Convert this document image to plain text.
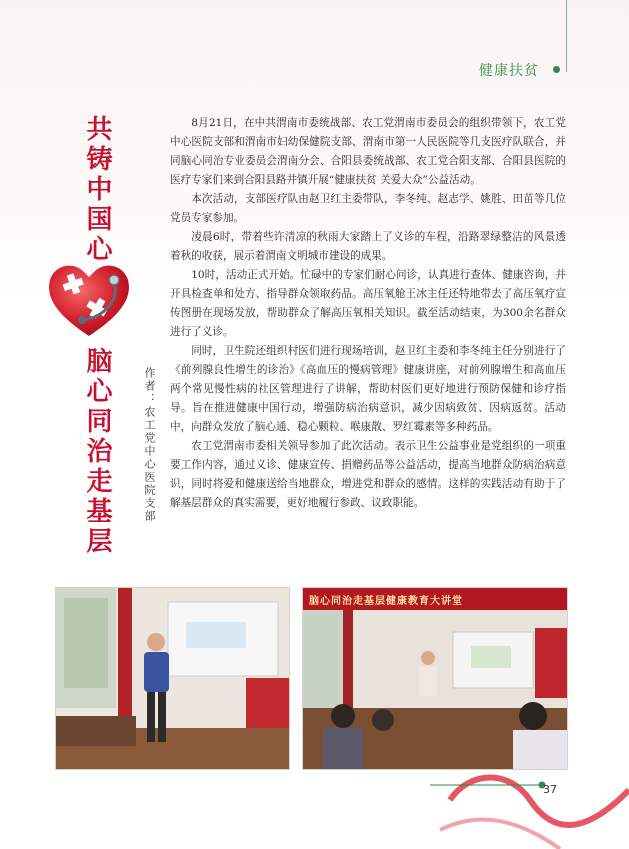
健康扶贫
共铸中国心
脑心同治走基层	作者：农工党中心医院支部

8月21日，在中共渭南市委统战部、农工党渭南市委员会的组织带领下，农工党中心医院支部和渭南市妇幼保健院支部、渭南市第一人民医院等几支医疗队联合，并同脑心同治专业委员会渭南分会、合阳县委统战部、农工党合阳支部、合阳县医院的医疗专家们来到合阳县路井镇开展“健康扶贫 关爱大众”公益活动。

本次活动，支部医疗队由赵卫红主委带队，李冬纯、赵志学、姚胜、田苗等几位党员专家参加。

凌晨6时，带着些许清凉的秋雨大家踏上了义诊的车程，沿路翠绿整洁的风景透着秋的收获，展示着渭南文明城市建设的成果。

10时，活动正式开始。忙碌中的专家们耐心问诊，认真进行查体、健康咨询，并开具检查单和处方、指导群众领取药品。高压氧舱王冰主任还特地带去了高压氧疗宣传图册在现场发放，帮助群众了解高压氧相关知识。截至活动结束，为300余名群众进行了义诊。

同时，卫生院还组织村医们进行现场培训，赵卫红主委和李冬纯主任分别进行了《前列腺良性增生的诊治》《高血压的慢病管理》健康讲座，对前列腺增生和高血压两个常见慢性病的社区管理进行了讲解，帮助村医们更好地进行预防保健和诊疗指导。旨在推进健康中国行动，增强防病治病意识，减少因病致贫、因病返贫。活动中，向群众发放了脑心通、稳心颗粒、喉康散、罗红霉素等多种药品。

农工党渭南市委相关领导参加了此次活动。表示卫生公益事业是党组织的一项重要工作内容，通过义诊、健康宣传、捐赠药品等公益活动，提高当地群众防病治病意识，同时将爱和健康送给当地群众，增进党和群众的感情。这样的实践活动有助于了解基层群众的真实需要，更好地履行参政、议政职能。

脑心同治走基层健康教育大讲堂
37
